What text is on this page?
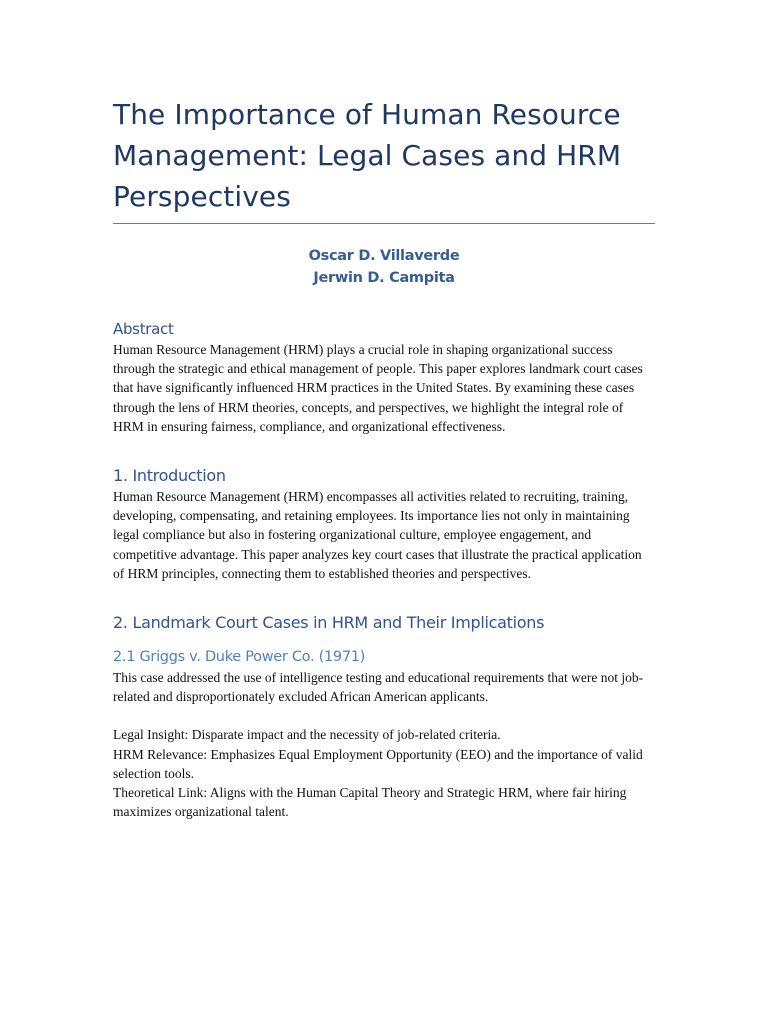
The Importance of Human Resource Management: Legal Cases and HRM Perspectives
Oscar D. Villaverde
Jerwin D. Campita
Abstract

Human Resource Management (HRM) plays a crucial role in shaping organizational success through the strategic and ethical management of people. This paper explores landmark court cases that have significantly influenced HRM practices in the United States. By examining these cases through the lens of HRM theories, concepts, and perspectives, we highlight the integral role of HRM in ensuring fairness, compliance, and organizational effectiveness.

1. Introduction

Human Resource Management (HRM) encompasses all activities related to recruiting, training, developing, compensating, and retaining employees. Its importance lies not only in maintaining legal compliance but also in fostering organizational culture, employee engagement, and competitive advantage. This paper analyzes key court cases that illustrate the practical application of HRM principles, connecting them to established theories and perspectives.

2. Landmark Court Cases in HRM and Their Implications
2.1 Griggs v. Duke Power Co. (1971)

This case addressed the use of intelligence testing and educational requirements that were not job-related and disproportionately excluded African American applicants.

Legal Insight: Disparate impact and the necessity of job-related criteria.

HRM Relevance: Emphasizes Equal Employment Opportunity (EEO) and the importance of valid selection tools.

Theoretical Link: Aligns with the Human Capital Theory and Strategic HRM, where fair hiring maximizes organizational talent.
